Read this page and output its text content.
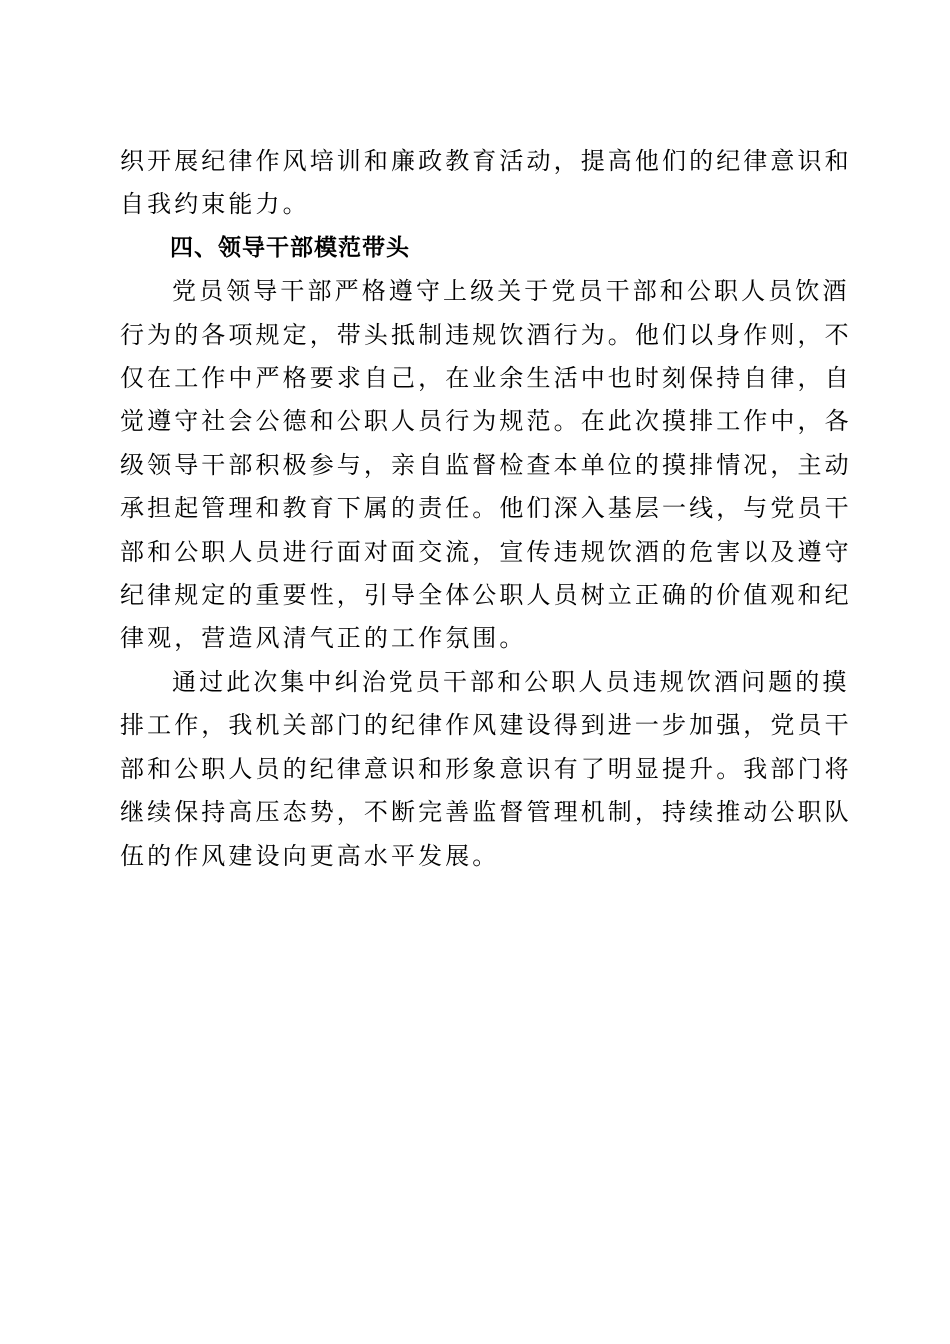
织开展纪律作风培训和廉政教育活动，提高他们的纪律意识和
自我约束能力。
四、领导干部模范带头
党员领导干部严格遵守上级关于党员干部和公职人员饮酒
行为的各项规定，带头抵制违规饮酒行为。他们以身作则，不
仅在工作中严格要求自己，在业余生活中也时刻保持自律，自
觉遵守社会公德和公职人员行为规范。在此次摸排工作中，各
级领导干部积极参与，亲自监督检查本单位的摸排情况，主动
承担起管理和教育下属的责任。他们深入基层一线，与党员干
部和公职人员进行面对面交流，宣传违规饮酒的危害以及遵守
纪律规定的重要性，引导全体公职人员树立正确的价值观和纪
律观，营造风清气正的工作氛围。
通过此次集中纠治党员干部和公职人员违规饮酒问题的摸
排工作，我机关部门的纪律作风建设得到进一步加强，党员干
部和公职人员的纪律意识和形象意识有了明显提升。我部门将
继续保持高压态势，不断完善监督管理机制，持续推动公职队
伍的作风建设向更高水平发展。
